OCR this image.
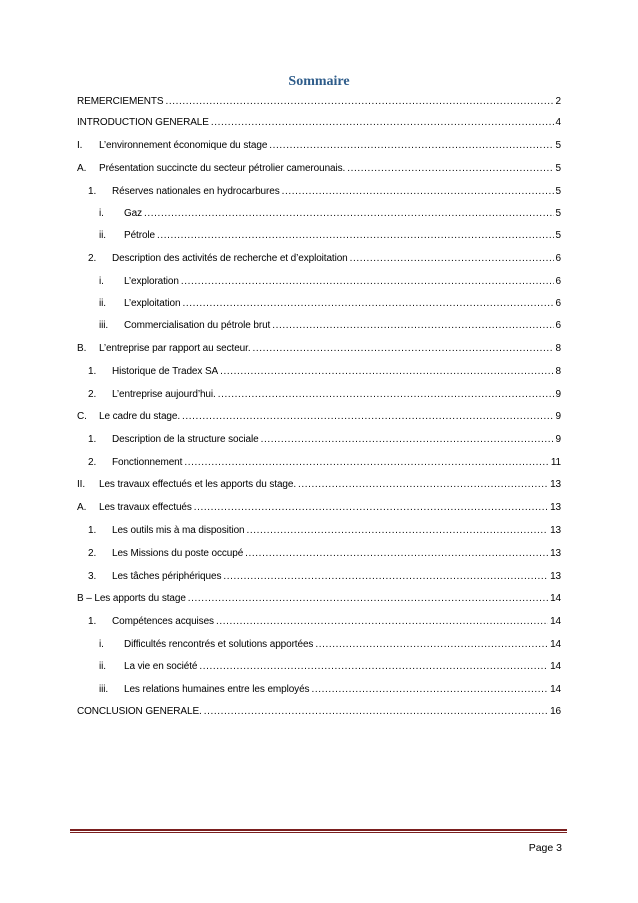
Sommaire
REMERCIEMENTS .....	2
INTRODUCTION GENERALE .....	4
I.	L’environnement économique du stage .....	5
A.	Présentation succincte du secteur pétrolier camerounais. .....	5
1.	Réserves nationales en hydrocarbures .....	5
i.	Gaz .....	5
ii.	Pétrole .....	5
2.	Description des activités de recherche et d’exploitation .....	6
i.	L’exploration .....	6
ii.	L’exploitation .....	6
iii.	Commercialisation du pétrole brut .....	6
B.	L’entreprise par rapport au secteur. .....	8
1.	Historique de Tradex SA .....	8
2.	L’entreprise aujourd’hui. .....	9
C.	Le cadre du stage. .....	9
1.	Description de la structure sociale .....	9
2.	Fonctionnement .....	11
II.	Les travaux effectués et les apports du stage. .....	13
A.	Les travaux effectués .....	13
1.	Les outils mis à ma disposition .....	13
2.	Les Missions du poste occupé .....	13
3.	Les tâches périphériques .....	13
B – Les apports du stage .....	14
1.	Compétences acquises .....	14
i.	Difficultés rencontrés et solutions apportées .....	14
ii.	La vie en société .....	14
iii.	Les relations humaines entre les employés .....	14
CONCLUSION GENERALE. .....	16
Page 3
